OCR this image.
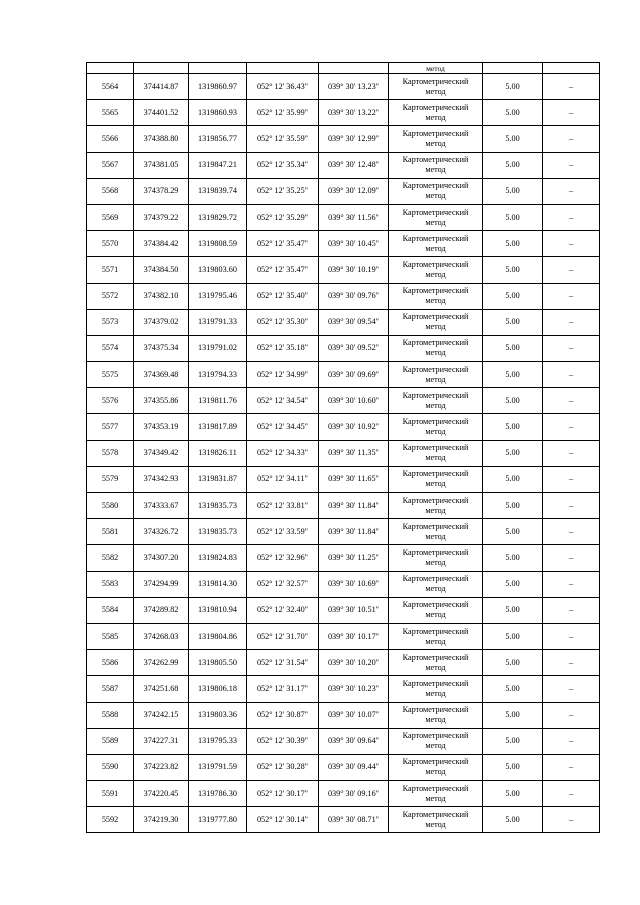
					метод		
5564	374414.87	1319860.97	052° 12' 36.43"	039° 30' 13.23"	Картометрический
метод	5.00	–
5565	374401.52	1319860.93	052° 12' 35.99"	039° 30' 13.22"	Картометрический
метод	5.00	–
5566	374388.80	1319856.77	052° 12' 35.59"	039° 30' 12.99"	Картометрический
метод	5.00	–
5567	374381.05	1319847.21	052° 12' 35.34"	039° 30' 12.48"	Картометрический
метод	5.00	–
5568	374378.29	1319839.74	052° 12' 35.25"	039° 30' 12.09"	Картометрический
метод	5.00	–
5569	374379.22	1319829.72	052° 12' 35.29"	039° 30' 11.56"	Картометрический
метод	5.00	–
5570	374384.42	1319808.59	052° 12' 35.47"	039° 30' 10.45"	Картометрический
метод	5.00	–
5571	374384.50	1319803.60	052° 12' 35.47"	039° 30' 10.19"	Картометрический
метод	5.00	–
5572	374382.10	1319795.46	052° 12' 35.40"	039° 30' 09.76"	Картометрический
метод	5.00	–
5573	374379.02	1319791.33	052° 12' 35.30"	039° 30' 09.54"	Картометрический
метод	5.00	–
5574	374375.34	1319791.02	052° 12' 35.18"	039° 30' 09.52"	Картометрический
метод	5.00	–
5575	374369.48	1319794.33	052° 12' 34.99"	039° 30' 09.69"	Картометрический
метод	5.00	–
5576	374355.86	1319811.76	052° 12' 34.54"	039° 30' 10.60"	Картометрический
метод	5.00	–
5577	374353.19	1319817.89	052° 12' 34.45"	039° 30' 10.92"	Картометрический
метод	5.00	–
5578	374349.42	1319826.11	052° 12' 34.33"	039° 30' 11.35"	Картометрический
метод	5.00	–
5579	374342.93	1319831.87	052° 12' 34.11"	039° 30' 11.65"	Картометрический
метод	5.00	–
5580	374333.67	1319835.73	052° 12' 33.81"	039° 30' 11.84"	Картометрический
метод	5.00	–
5581	374326.72	1319835.73	052° 12' 33.59"	039° 30' 11.84"	Картометрический
метод	5.00	–
5582	374307.20	1319824.83	052° 12' 32.96"	039° 30' 11.25"	Картометрический
метод	5.00	–
5583	374294.99	1319814.30	052° 12' 32.57"	039° 30' 10.69"	Картометрический
метод	5.00	–
5584	374289.82	1319810.94	052° 12' 32.40"	039° 30' 10.51"	Картометрический
метод	5.00	–
5585	374268.03	1319804.86	052° 12' 31.70"	039° 30' 10.17"	Картометрический
метод	5.00	–
5586	374262.99	1319805.50	052° 12' 31.54"	039° 30' 10.20"	Картометрический
метод	5.00	–
5587	374251.68	1319806.18	052° 12' 31.17"	039° 30' 10.23"	Картометрический
метод	5.00	–
5588	374242.15	1319803.36	052° 12' 30.87"	039° 30' 10.07"	Картометрический
метод	5.00	–
5589	374227.31	1319795.33	052° 12' 30.39"	039° 30' 09.64"	Картометрический
метод	5.00	–
5590	374223.82	1319791.59	052° 12' 30.28"	039° 30' 09.44"	Картометрический
метод	5.00	–
5591	374220.45	1319786.30	052° 12' 30.17"	039° 30' 09.16"	Картометрический
метод	5.00	–
5592	374219.30	1319777.80	052° 12' 30.14"	039° 30' 08.71"	Картометрический
метод	5.00	–
